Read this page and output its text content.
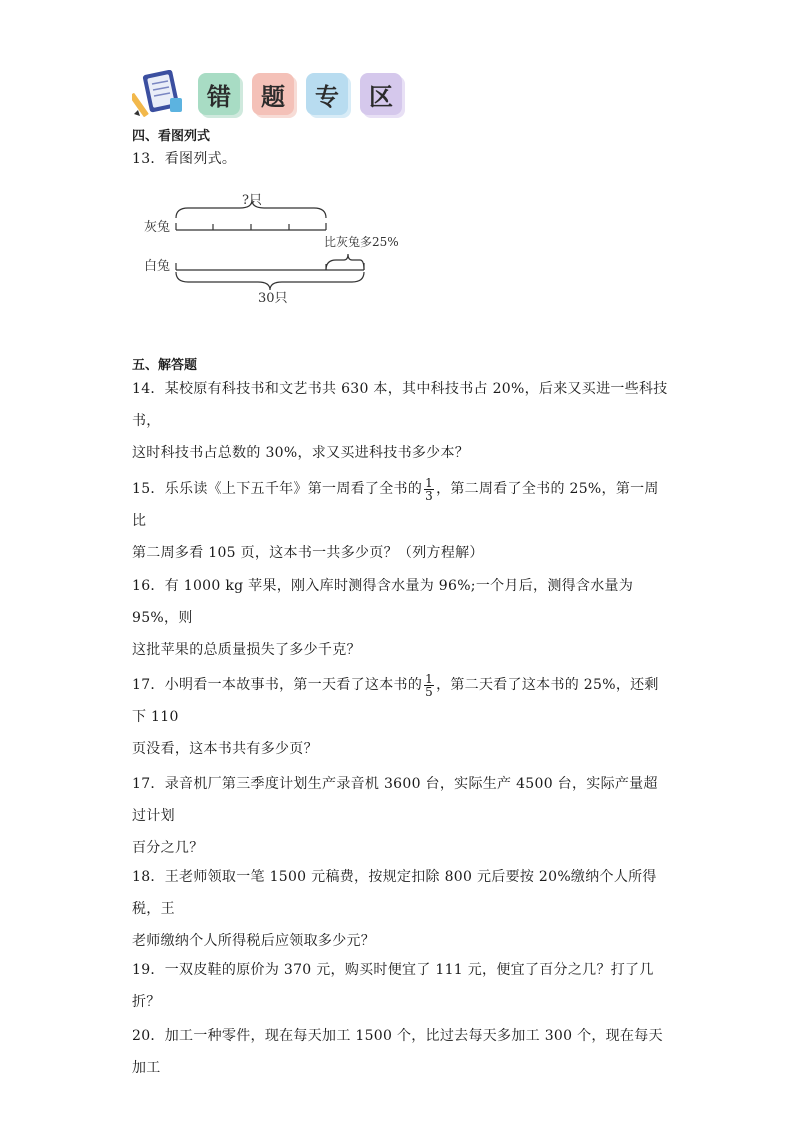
错	题	专	区
四、看图列式
13．看图列式。
灰兔
?只
比灰兔多25%
白兔
30只
五、解答题
14．某校原有科技书和文艺书共 630 本，其中科技书占 20%，后来又买进一些科技书，
这时科技书占总数的 30%，求又买进科技书多少本？
15．乐乐读《上下五千年》第一周看了全书的 $\frac{1}{3}$ ，第二周看了全书的 25%，第一周比
第二周多看 105 页，这本书一共多少页？（列方程解）
16．有 1000 kg 苹果，刚入库时测得含水量为 96%;一个月后，测得含水量为 95%，则
这批苹果的总质量损失了多少千克？
17．小明看一本故事书，第一天看了这本书的 $\frac{1}{5}$ ，第二天看了这本书的 25%，还剩下 110
页没看，这本书共有多少页？
17．录音机厂第三季度计划生产录音机 3600 台，实际生产 4500 台，实际产量超过计划
百分之几？
18．王老师领取一笔 1500 元稿费，按规定扣除 800 元后要按 20%缴纳个人所得税，王
老师缴纳个人所得税后应领取多少元？
19．一双皮鞋的原价为 370 元，购买时便宜了 111 元，便宜了百分之几？打了几折？
20．加工一种零件，现在每天加工 1500 个，比过去每天多加工 300 个，现在每天加工
